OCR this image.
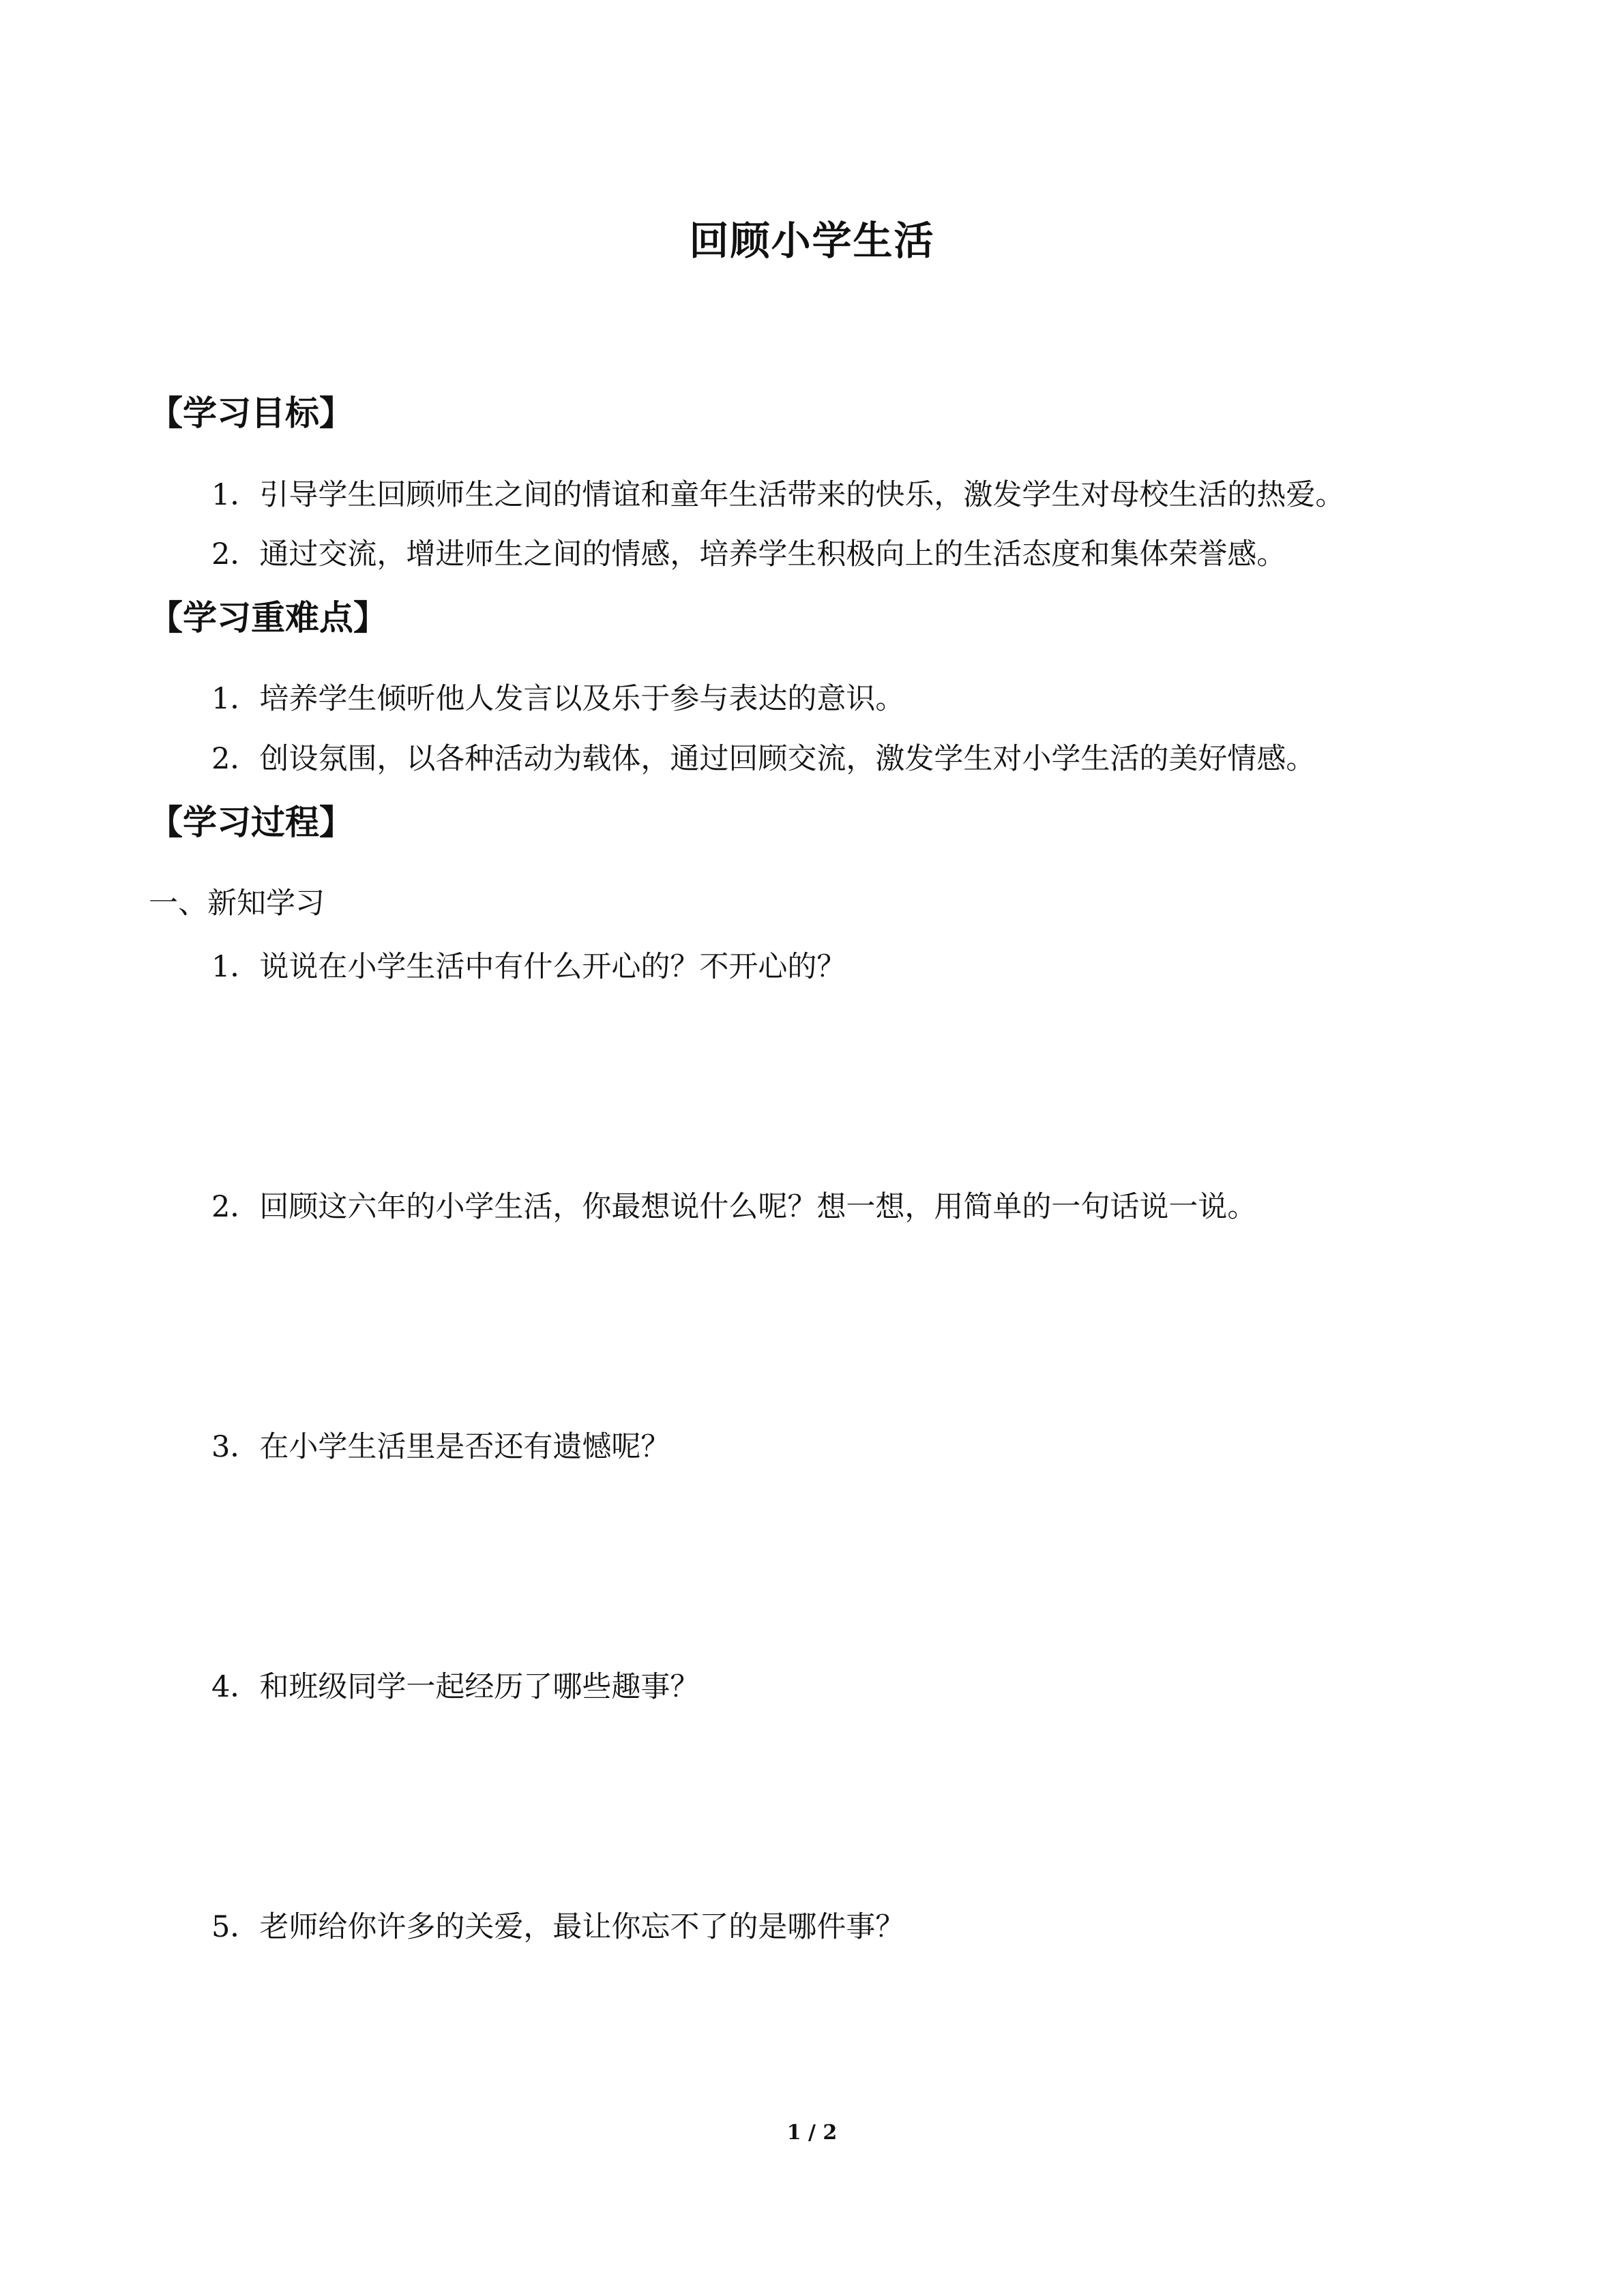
回顾小学生活
【学习目标】
1．引导学生回顾师生之间的情谊和童年生活带来的快乐，激发学生对母校生活的热爱。
2．通过交流，增进师生之间的情感，培养学生积极向上的生活态度和集体荣誉感。
【学习重难点】
1．培养学生倾听他人发言以及乐于参与表达的意识。
2．创设氛围，以各种活动为载体，通过回顾交流，激发学生对小学生活的美好情感。
【学习过程】
一、新知学习
1．说说在小学生活中有什么开心的？不开心的？
2．回顾这六年的小学生活，你最想说什么呢？想一想，用简单的一句话说一说。
3．在小学生活里是否还有遗憾呢？
4．和班级同学一起经历了哪些趣事？
5．老师给你许多的关爱，最让你忘不了的是哪件事？
1 / 2
